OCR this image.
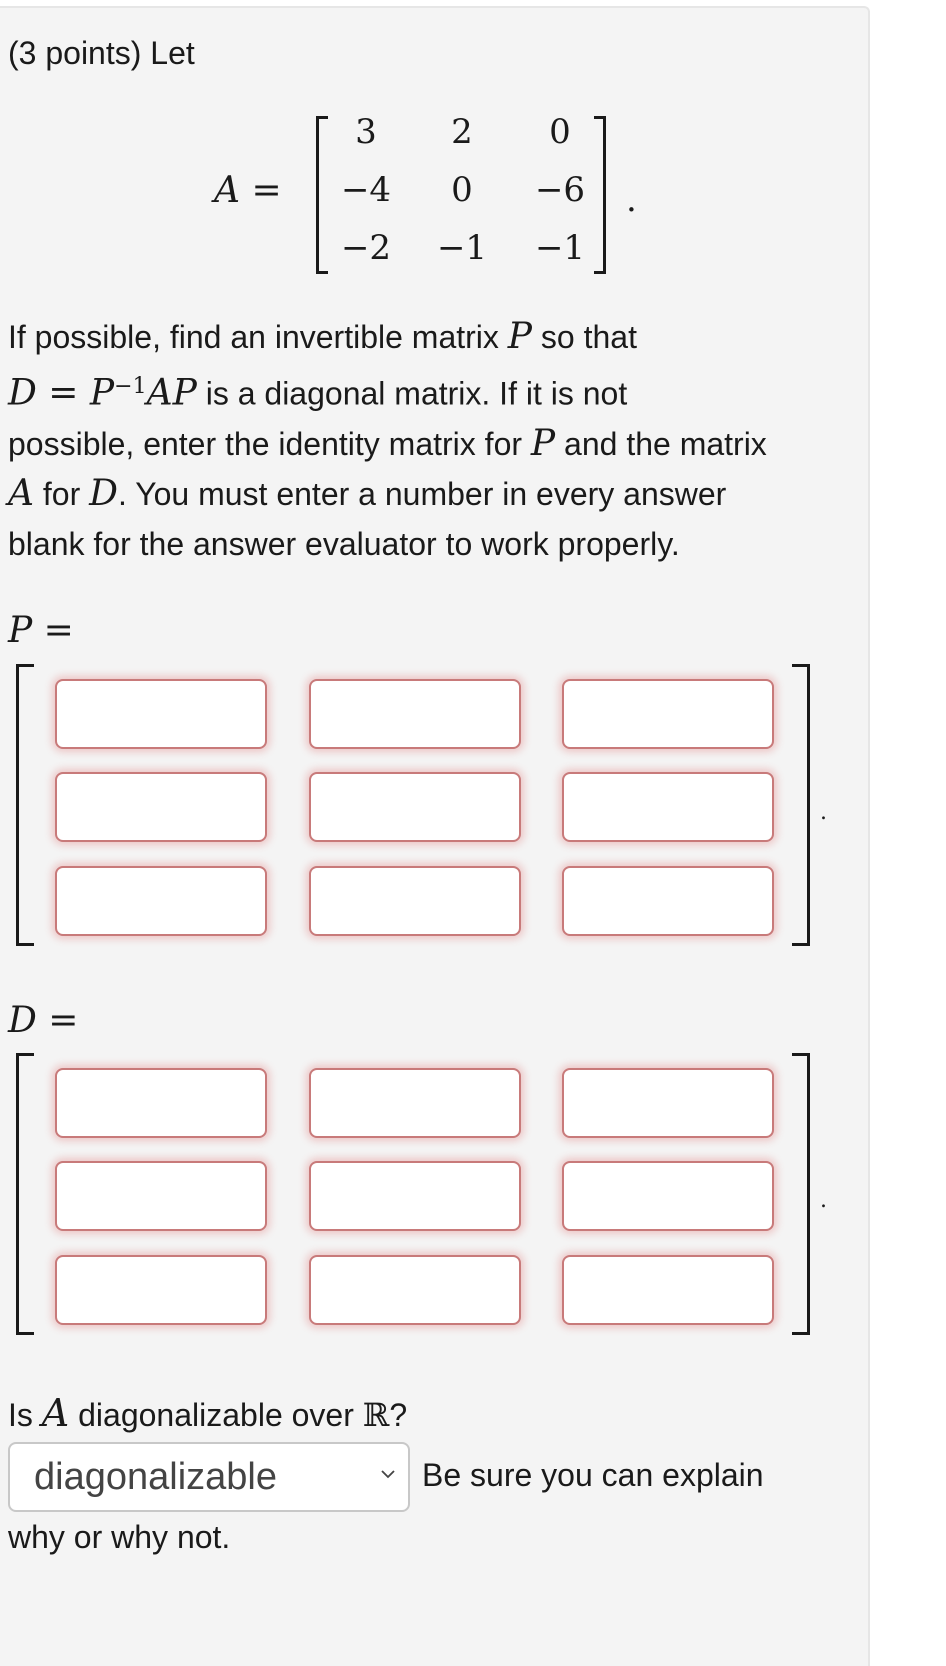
(3 points) Let
A =
3	2	0
−4	0	−6
−2	−1	−1
.
If possible, find an invertible matrix P so that
$D = P^{-1}AP$ is a diagonal matrix. If it is not
possible, enter the identity matrix for P and the matrix
A for D. You must enter a number in every answer
blank for the answer evaluator to work properly.
P =
.
D =
.
Is A diagonalizable over ℝ?
diagonalizable	Be sure you can explain
why or why not.
